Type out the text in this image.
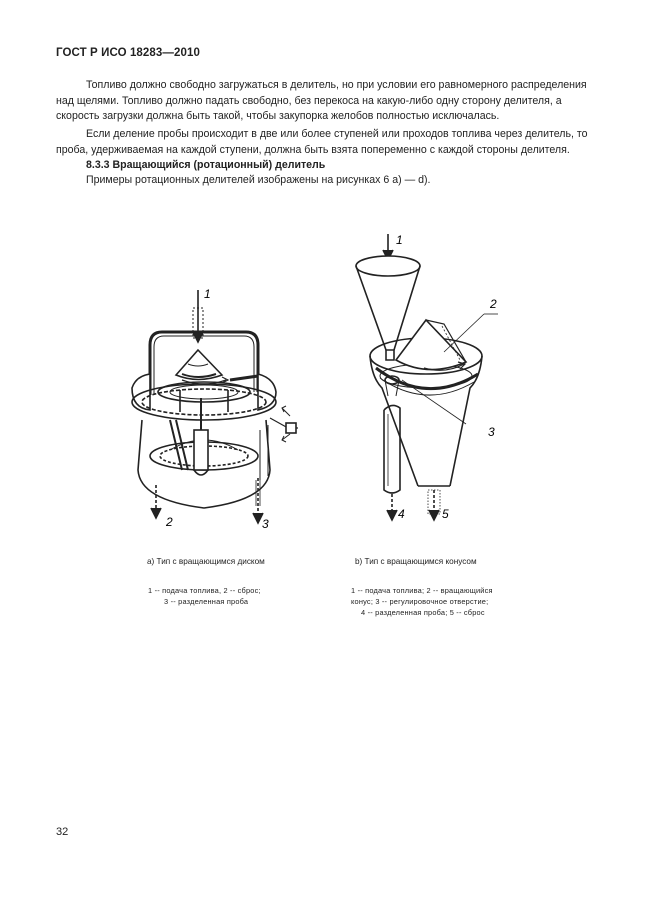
ГОСТ Р ИСО 18283—2010
Топливо должно свободно загружаться в делитель, но при условии его равномерного распределения
над щелями. Топливо должно падать свободно, без перекоса на какую-либо одну сторону делителя, а
скорость загрузки должна быть такой, чтобы закупорка желобов полностью исключалась.
Если деление пробы происходит в две или более ступеней или проходов топлива через делитель, то
проба, удерживаемая на каждой ступени, должна быть взята попеременно с каждой стороны делителя.
8.3.3 Вращающийся (ротационный) делитель
Примеры ротационных делителей изображены на рисунках 6 a) — d).
1
2	3
а) Тип с вращающимся диском
1 -- подача топлива, 2 -- сброс;
3 -- разделенная проба
1
2
3
4	5
b) Тип с вращающимся конусом
1 -- подача топлива; 2 -- вращающийся
конус; 3 -- регулировочное отверстие;
4 -- разделенная проба; 5 -- сброс
32
